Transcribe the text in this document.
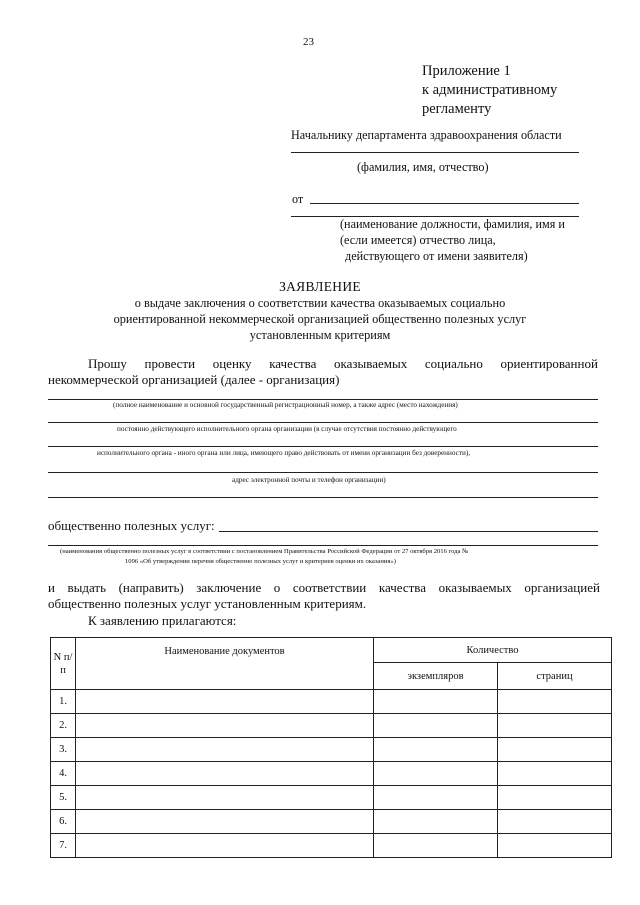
23
Приложение 1
к административному
регламенту
Начальнику департамента здравоохранения области
(фамилия, имя, отчество)
от
(наименование должности, фамилия, имя и
(если имеется) отчество лица,
действующего от имени заявителя)
ЗАЯВЛЕНИЕ
о выдаче заключения о соответствии качества оказываемых социально
ориентированной некоммерческой организацией общественно полезных услуг
установленным критериям
Прошу провести оценку качества оказываемых социально ориентированной
некоммерческой организацией (далее - организация)
(полное наименование и основной государственный регистрационный номер, а также адрес (место нахождения)
постоянно действующего исполнительного органа организации (в случае отсутствия постоянно действующего
исполнительного органа - иного органа или лица, имеющего право действовать от имени организации без доверенности),
адрес электронной почты и телефон организации)
общественно полезных услуг:
(наименования общественно полезных услуг в соответствии с постановлением Правительства Российской Федерации от 27 октября 2016 года №
1096 «Об утверждении перечня общественно полезных услуг и критериев оценки их оказания»)
и выдать (направить) заключение о соответствии качества оказываемых организацией
общественно полезных услуг установленным критериям.
К заявлению прилагаются:
N п/п	Наименование документов	Количество	
		экземпляров	страниц
1.			
2.			
3.			
4.			
5.			
6.			
7.			
